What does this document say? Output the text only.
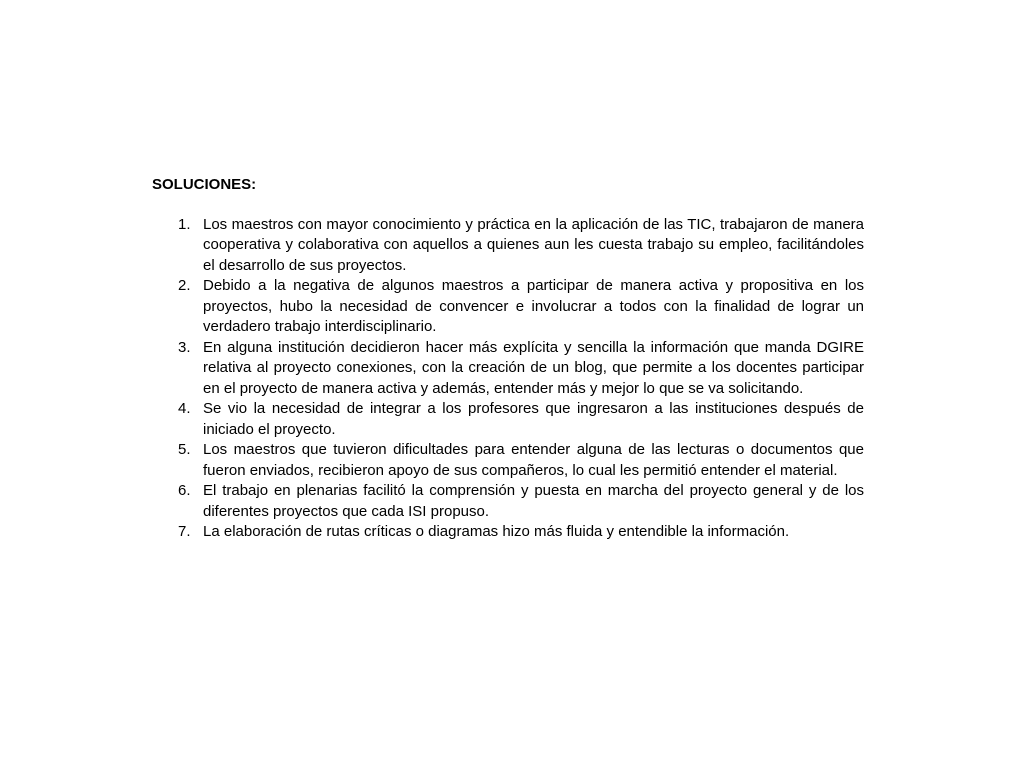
SOLUCIONES:
1. Los maestros con mayor conocimiento y práctica en la aplicación de las TIC, trabajaron de manera cooperativa y colaborativa con aquellos a quienes aun les cuesta trabajo su empleo, facilitándoles el desarrollo de sus proyectos.
2. Debido a la negativa de algunos maestros a participar de manera activa y propositiva en los proyectos, hubo la necesidad de convencer e involucrar a todos con la finalidad de lograr un verdadero trabajo interdisciplinario.
3. En alguna institución decidieron hacer más explícita y sencilla la información que manda DGIRE relativa al proyecto conexiones, con la creación de un blog, que permite a los docentes participar en el proyecto de manera activa y además, entender más y mejor lo que se va solicitando.
4. Se vio la necesidad de integrar a los profesores que ingresaron a las instituciones después de iniciado el proyecto.
5. Los maestros que tuvieron dificultades para entender alguna de las lecturas o documentos que fueron enviados, recibieron apoyo de sus compañeros, lo cual les permitió entender el material.
6. El trabajo en plenarias facilitó la comprensión y puesta en marcha del proyecto general y de los diferentes proyectos que cada ISI propuso.
7. La elaboración de rutas críticas o diagramas hizo más fluida y entendible la información.
